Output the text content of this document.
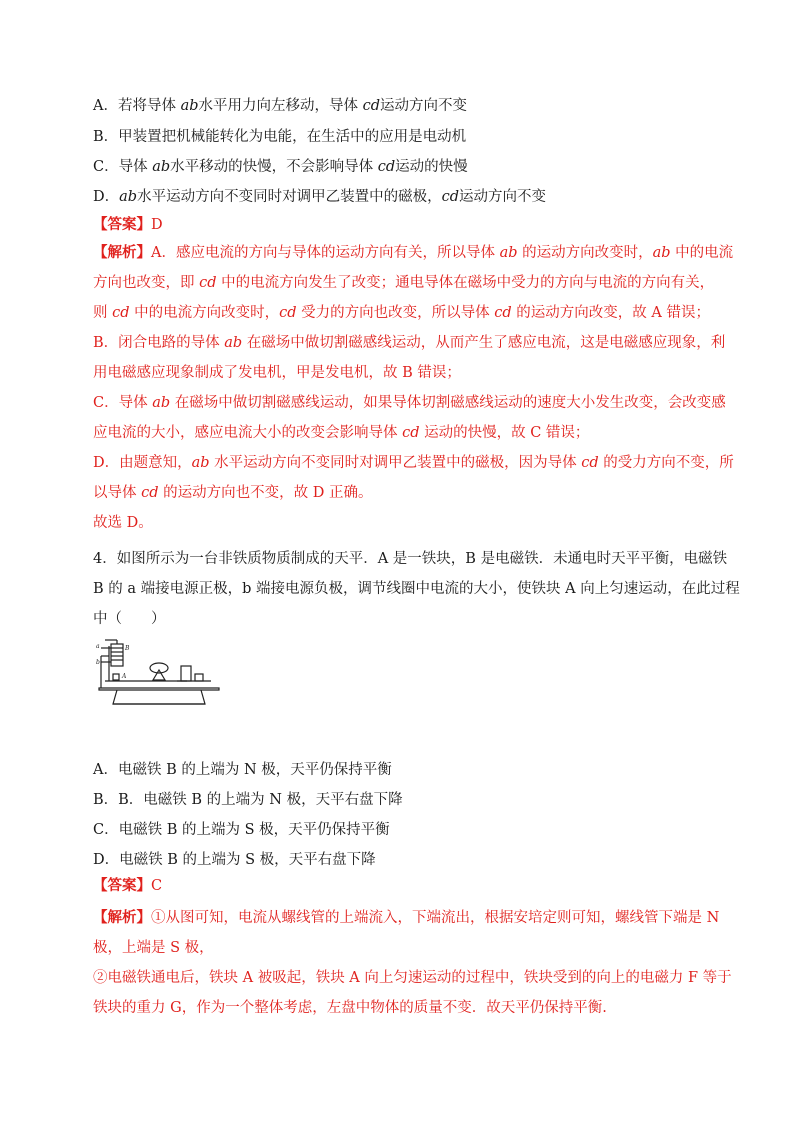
A．若将导体 ab水平用力向左移动，导体 cd运动方向不变
B．甲装置把机械能转化为电能，在生活中的应用是电动机
C．导体 ab水平移动的快慢，不会影响导体 cd运动的快慢
D．ab水平运动方向不变同时对调甲乙装置中的磁极，cd运动方向不变
【答案】D
【解析】A．感应电流的方向与导体的运动方向有关，所以导体 ab 的运动方向改变时，ab 中的电流
方向也改变，即 cd 中的电流方向发生了改变；通电导体在磁场中受力的方向与电流的方向有关，
则 cd 中的电流方向改变时，cd 受力的方向也改变，所以导体 cd 的运动方向改变，故 A 错误；
B．闭合电路的导体 ab 在磁场中做切割磁感线运动，从而产生了感应电流，这是电磁感应现象，利
用电磁感应现象制成了发电机，甲是发电机，故 B 错误；
C．导体 ab 在磁场中做切割磁感线运动，如果导体切割磁感线运动的速度大小发生改变，会改变感
应电流的大小，感应电流大小的改变会影响导体 cd 运动的快慢，故 C 错误；
D．由题意知，ab 水平运动方向不变同时对调甲乙装置中的磁极，因为导体 cd 的受力方向不变，所
以导体 cd 的运动方向也不变，故 D 正确。
故选 D。
4．如图所示为一台非铁质物质制成的天平．A 是一铁块，B 是电磁铁．未通电时天平平衡，电磁铁
B 的 a 端接电源正极，b 端接电源负极，调节线圈中电流的大小，使铁块 A 向上匀速运动，在此过程
中（　　）
a
b
B
A
A．电磁铁 B 的上端为 N 极，天平仍保持平衡
B．B．电磁铁 B 的上端为 N 极，天平右盘下降
C．电磁铁 B 的上端为 S 极，天平仍保持平衡
D．电磁铁 B 的上端为 S 极，天平右盘下降
【答案】C
【解析】①从图可知，电流从螺线管的上端流入，下端流出，根据安培定则可知，螺线管下端是 N
极，上端是 S 极，
②电磁铁通电后，铁块 A 被吸起，铁块 A 向上匀速运动的过程中，铁块受到的向上的电磁力 F 等于
铁块的重力 G，作为一个整体考虑，左盘中物体的质量不变．故天平仍保持平衡.
